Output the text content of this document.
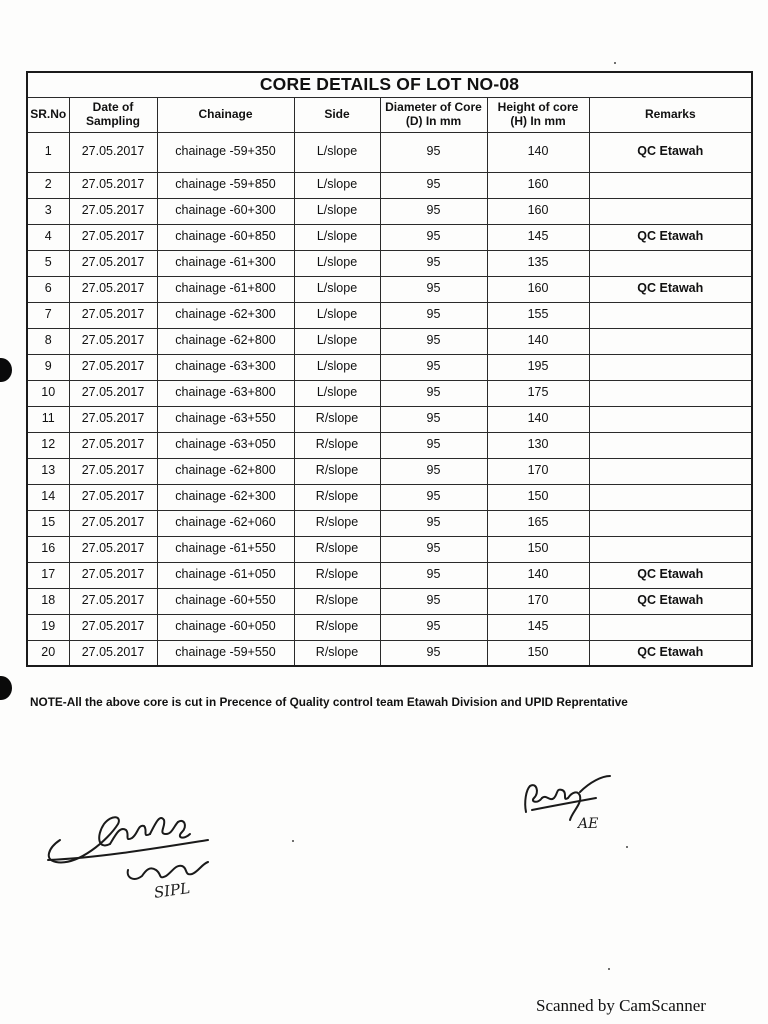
CORE DETAILS OF LOT NO-08						
SR.No	Date of Sampling	Chainage	Side	Diameter of Core (D) In mm	Height of core (H) In mm	Remarks
1	27.05.2017	chainage -59+350	L/slope	95	140	QC Etawah
2	27.05.2017	chainage -59+850	L/slope	95	160	
3	27.05.2017	chainage -60+300	L/slope	95	160	
4	27.05.2017	chainage -60+850	L/slope	95	145	QC Etawah
5	27.05.2017	chainage -61+300	L/slope	95	135	
6	27.05.2017	chainage -61+800	L/slope	95	160	QC Etawah
7	27.05.2017	chainage -62+300	L/slope	95	155	
8	27.05.2017	chainage -62+800	L/slope	95	140	
9	27.05.2017	chainage -63+300	L/slope	95	195	
10	27.05.2017	chainage -63+800	L/slope	95	175	
11	27.05.2017	chainage -63+550	R/slope	95	140	
12	27.05.2017	chainage -63+050	R/slope	95	130	
13	27.05.2017	chainage -62+800	R/slope	95	170	
14	27.05.2017	chainage -62+300	R/slope	95	150	
15	27.05.2017	chainage -62+060	R/slope	95	165	
16	27.05.2017	chainage -61+550	R/slope	95	150	
17	27.05.2017	chainage -61+050	R/slope	95	140	QC Etawah
18	27.05.2017	chainage -60+550	R/slope	95	170	QC Etawah
19	27.05.2017	chainage -60+050	R/slope	95	145	
20	27.05.2017	chainage -59+550	R/slope	95	150	QC Etawah
NOTE-All the above core is cut in Precence of Quality control team Etawah Division and UPID Reprentative
SIPL
AE
Scanned by CamScanner
